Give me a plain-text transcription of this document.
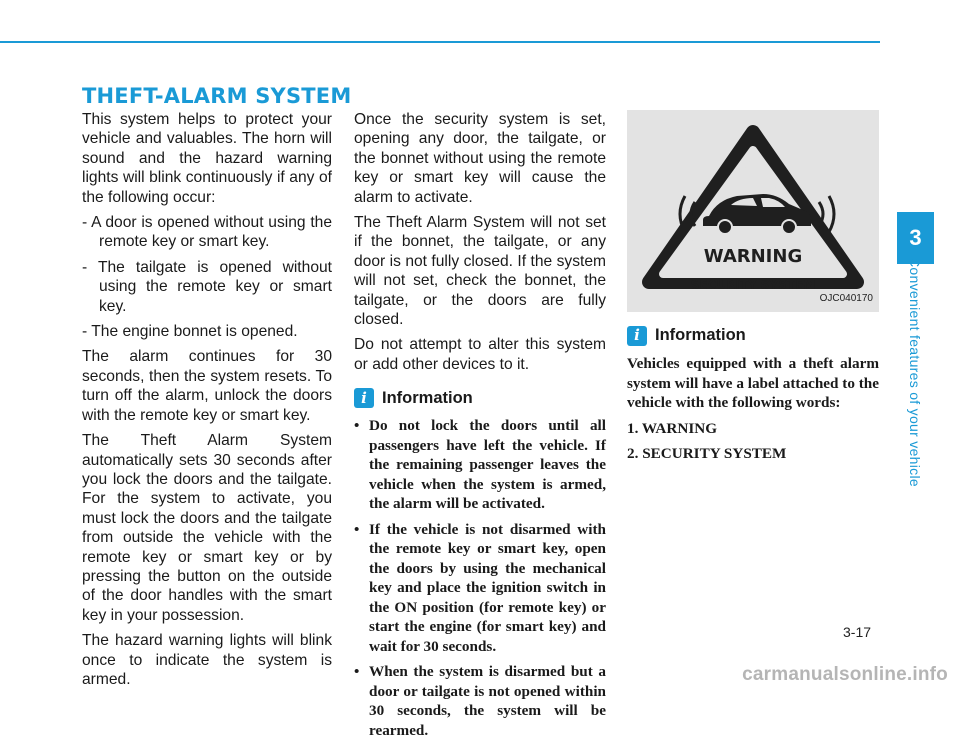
THEFT-ALARM SYSTEM

This system helps to protect your vehicle and valuables. The horn will sound and the hazard warning lights will blink continuously if any of the following occur:

- A door is opened without using the remote key or smart key.
- The tailgate is opened without using the remote key or smart key.
- The engine bonnet is opened.

The alarm continues for 30 seconds, then the system resets. To turn off the alarm, unlock the doors with the remote key or smart key.

The Theft Alarm System automatically sets 30 seconds after you lock the doors and the tailgate. For the system to activate, you must lock the doors and the tailgate from outside the vehicle with the remote key or smart key or by pressing the button on the outside of the door handles with the smart key in your possession.

The hazard warning lights will blink once to indicate the system is armed.

Once the security system is set, opening any door, the tailgate, or the bonnet without using the remote key or smart key will cause the alarm to activate.

The Theft Alarm System will not set if the bonnet, the tailgate, or any door is not fully closed. If the system will not set, check the bonnet, the tailgate, or the doors are fully closed.

Do not attempt to alter this system or add other devices to it.

i Information
• Do not lock the doors until all passengers have left the vehicle. If the remaining passenger leaves the vehicle when the system is armed, the alarm will be activated.
• If the vehicle is not disarmed with the remote key or smart key, open the doors by using the mechanical key and place the ignition switch in the ON position (for remote key) or start the engine (for smart key) and wait for 30 seconds.
• When the system is disarmed but a door or tailgate is not opened within 30 seconds, the system will be rearmed.
WARNING
SECURITY SYSTEM
OJC040170
i Information

Vehicles equipped with a theft alarm system will have a label attached to the vehicle with the following words:

1. WARNING

2. SECURITY SYSTEM

3
Convenient features of your vehicle
3-17
carmanualsonline.info
